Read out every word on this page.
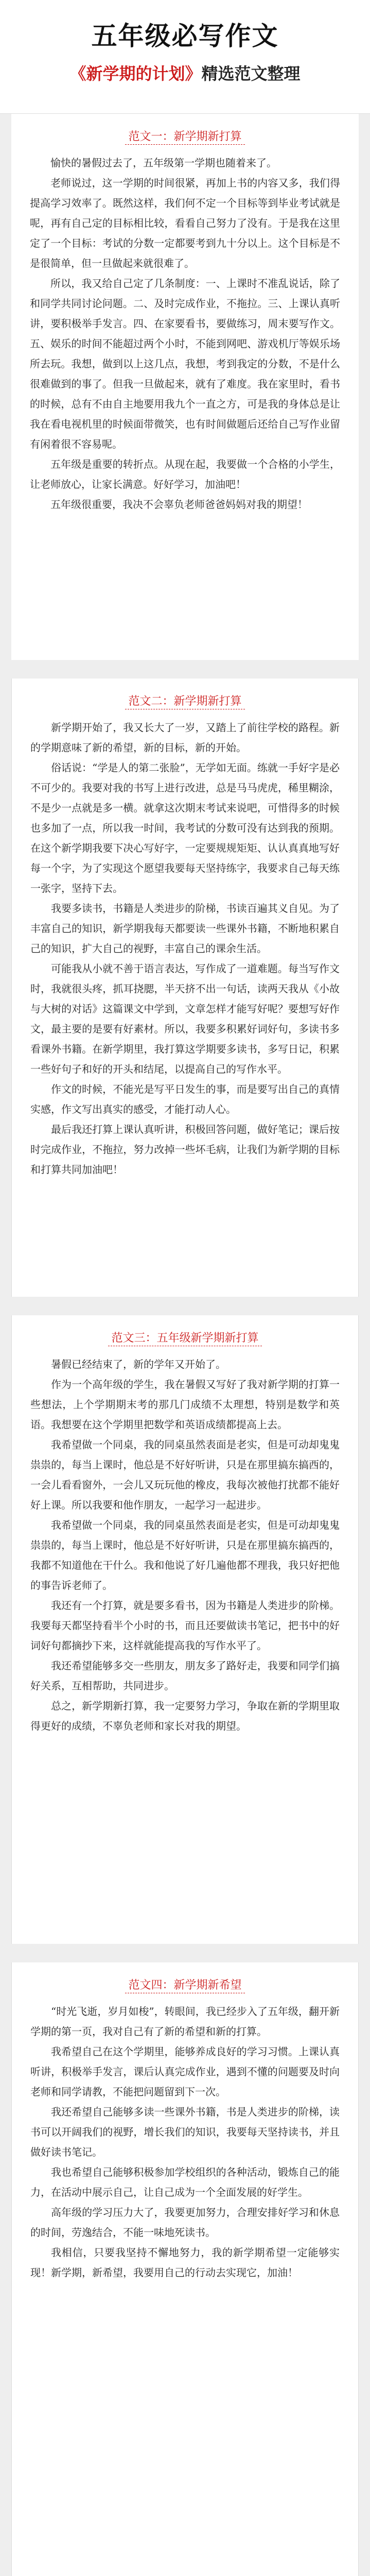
五年级必写作文
《新学期的计划》精选范文整理
范文一：新学期新打算

愉快的暑假过去了，五年级第一学期也随着来了。

老师说过，这一学期的时间很紧，再加上书的内容又多，我们得提高学习效率了。既然这样，我们何不定一个目标等到毕业考试就是呢，再有自己定的目标相比较，看看自己努力了没有。于是我在这里定了一个目标：考试的分数一定都要考到九十分以上。这个目标是不是很简单，但一旦做起来就很难了。

所以，我又给自己定了几条制度：一、上课时不准乱说话，除了和同学共同讨论问题。二、及时完成作业，不拖拉。三、上课认真听讲，要积极举手发言。四、在家要看书，要做练习，周末要写作文。五、娱乐的时间不能超过两个小时，不能到网吧、游戏机厅等娱乐场所去玩。我想，做到以上这几点，我想，考到我定的分数，不是什么很难做到的事了。但我一旦做起来，就有了难度。我在家里时，看书的时候，总有不由自主地要用我九个一直之方，可是我的身体总是让我在看电视机里的时候面带微笑，也有时间做题后还给自己写作业留有闲着很不容易呢。

五年级是重要的转折点。从现在起，我要做一个合格的小学生，让老师放心，让家长满意。好好学习，加油吧！

五年级很重要，我决不会辜负老师爸爸妈妈对我的期望！

范文二：新学期新打算

新学期开始了，我又长大了一岁，又踏上了前往学校的路程。新的学期意味了新的希望，新的目标，新的开始。

俗话说：“学是人的第二张脸”，无学如无面。练就一手好字是必不可少的。我要对我的书写上进行改进，总是马马虎虎，稀里糊涂，不是少一点就是多一横。就拿这次期末考试来说吧，可惜得多的时候也多加了一点，所以我一时间，我考试的分数可没有达到我的预期。在这个新学期我要下决心写好字，一定要规规矩矩、认认真真地写好每一个字，为了实现这个愿望我要每天坚持练字，我要求自己每天练一张字，坚持下去。

我要多读书，书籍是人类进步的阶梯，书读百遍其义自见。为了丰富自己的知识，新学期我每天都要读一些课外书籍，不断地积累自己的知识，扩大自己的视野，丰富自己的课余生活。

可能我从小就不善于语言表达，写作成了一道难题。每当写作文时，我就很头疼，抓耳挠腮，半天挤不出一句话，读两天我从《小故与大树的对话》这篇课文中学到，文章怎样才能写好呢？要想写好作文，最主要的是要有好素材。所以，我要多积累好词好句，多读书多看课外书籍。在新学期里，我打算这学期要多读书，多写日记，积累一些好句子和好的开头和结尾，以提高自己的写作水平。

作文的时候，不能光是写平日发生的事，而是要写出自己的真情实感，作文写出真实的感受，才能打动人心。

最后我还打算上课认真听讲，积极回答问题，做好笔记；课后按时完成作业，不拖拉，努力改掉一些坏毛病，让我们为新学期的目标和打算共同加油吧！

范文三：五年级新学期新打算

暑假已经结束了，新的学年又开始了。

作为一个高年级的学生，我在暑假又写好了我对新学期的打算一些想法，上个学期期末考的那几门成绩不太理想，特别是数学和英语。我想要在这个学期里把数学和英语成绩都提高上去。

我希望做一个同桌，我的同桌虽然表面是老实，但是可动却鬼鬼祟祟的，每当上课时，他总是不好好听讲，只是在那里搞东搞西的，一会儿看看窗外，一会儿又玩玩他的橡皮，我每次被他打扰都不能好好上课。所以我要和他作朋友，一起学习一起进步。

我希望做一个同桌，我的同桌虽然表面是老实，但是可动却鬼鬼祟祟的，每当上课时，他总是不好好听讲，只是在那里搞东搞西的，我都不知道他在干什么。我和他说了好几遍他都不理我，我只好把他的事告诉老师了。

我还有一个打算，就是要多看书，因为书籍是人类进步的阶梯。我要每天都坚持看半个小时的书，而且还要做读书笔记，把书中的好词好句都摘抄下来，这样就能提高我的写作水平了。

我还希望能够多交一些朋友，朋友多了路好走，我要和同学们搞好关系，互相帮助，共同进步。

总之，新学期新打算，我一定要努力学习，争取在新的学期里取得更好的成绩，不辜负老师和家长对我的期望。

范文四：新学期新希望

“时光飞逝，岁月如梭”，转眼间，我已经步入了五年级，翻开新学期的第一页，我对自己有了新的希望和新的打算。

我希望自己在这个学期里，能够养成良好的学习习惯。上课认真听讲，积极举手发言，课后认真完成作业，遇到不懂的问题要及时向老师和同学请教，不能把问题留到下一次。

我还希望自己能够多读一些课外书籍，书是人类进步的阶梯，读书可以开阔我们的视野，增长我们的知识，我要每天坚持读书，并且做好读书笔记。

我也希望自己能够积极参加学校组织的各种活动，锻炼自己的能力，在活动中展示自己，让自己成为一个全面发展的好学生。

高年级的学习压力大了，我要更加努力，合理安排好学习和休息的时间，劳逸结合，不能一味地死读书。

我相信，只要我坚持不懈地努力，我的新学期希望一定能够实现！新学期，新希望，我要用自己的行动去实现它，加油！
